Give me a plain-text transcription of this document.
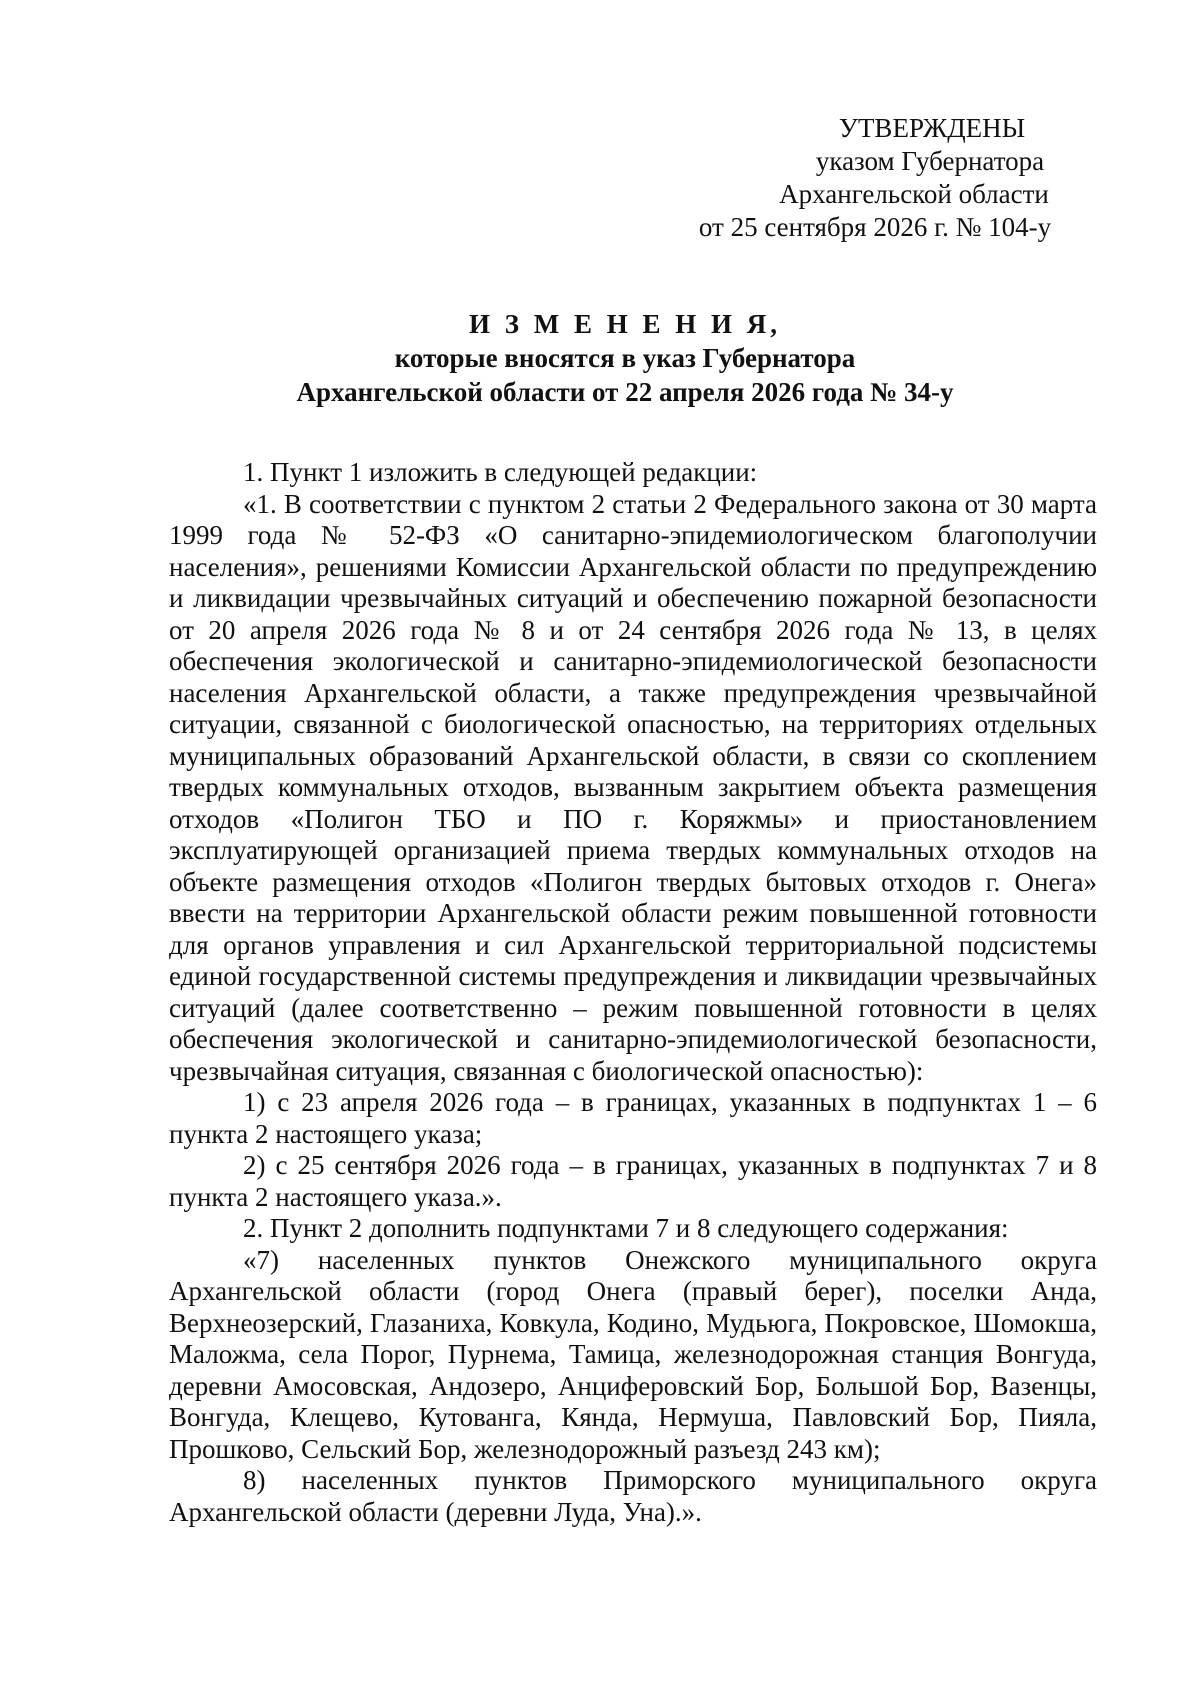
УТВЕРЖДЕНЫ
указом Губернатора
Архангельской области
от 25 сентября 2026 г. № 104-у
И З М Е Н Е Н И Я,
которые вносятся в указ Губернатора
Архангельской области от 22 апреля 2026 года № 34-у

1. Пункт 1 изложить в следующей редакции:

«1. В соответствии с пунктом 2 статьи 2 Федерального закона от 30 марта 1999 года № 52-ФЗ «О санитарно-эпидемиологическом благополучии населения», решениями Комиссии Архангельской области по предупреждению и ликвидации чрезвычайных ситуаций и обеспечению пожарной безопасности от 20 апреля 2026 года № 8 и от 24 сентября 2026 года № 13, в целях обеспечения экологической и санитарно-эпидемиологической безопасности населения Архангельской области, а также предупреждения чрезвычайной ситуации, связанной с биологической опасностью, на территориях отдельных муниципальных образований Архангельской области, в связи со скоплением твердых коммунальных отходов, вызванным закрытием объекта размещения отходов «Полигон ТБО и ПО г. Коряжмы» и приостановлением эксплуатирующей организацией приема твердых коммунальных отходов на объекте размещения отходов «Полигон твердых бытовых отходов г. Онега» ввести на территории Архангельской области режим повышенной готовности для органов управления и сил Архангельской территориальной подсистемы единой государственной системы предупреждения и ликвидации чрезвычайных ситуаций (далее соответственно – режим повышенной готовности в целях обеспечения экологической и санитарно-эпидемиологической безопасности, чрезвычайная ситуация, связанная с биологической опасностью):

1) с 23 апреля 2026 года – в границах, указанных в подпунктах 1 – 6 пункта 2 настоящего указа;

2) с 25 сентября 2026 года – в границах, указанных в подпунктах 7 и 8 пункта 2 настоящего указа.».

2. Пункт 2 дополнить подпунктами 7 и 8 следующего содержания:

«7) населенных пунктов Онежского муниципального округа Архангельской области (город Онега (правый берег), поселки Анда, Верхнеозерский, Глазаниха, Ковкула, Кодино, Мудьюга, Покровское, Шомокша, Маложма, села Порог, Пурнема, Тамица, железнодорожная станция Вонгуда, деревни Амосовская, Андозеро, Анциферовский Бор, Большой Бор, Вазенцы, Вонгуда, Клещево, Кутованга, Кянда, Нермуша, Павловский Бор, Пияла, Прошково, Сельский Бор, железнодорожный разъезд 243 км);

8) населенных пунктов Приморского муниципального округа Архангельской области (деревни Луда, Уна).».
